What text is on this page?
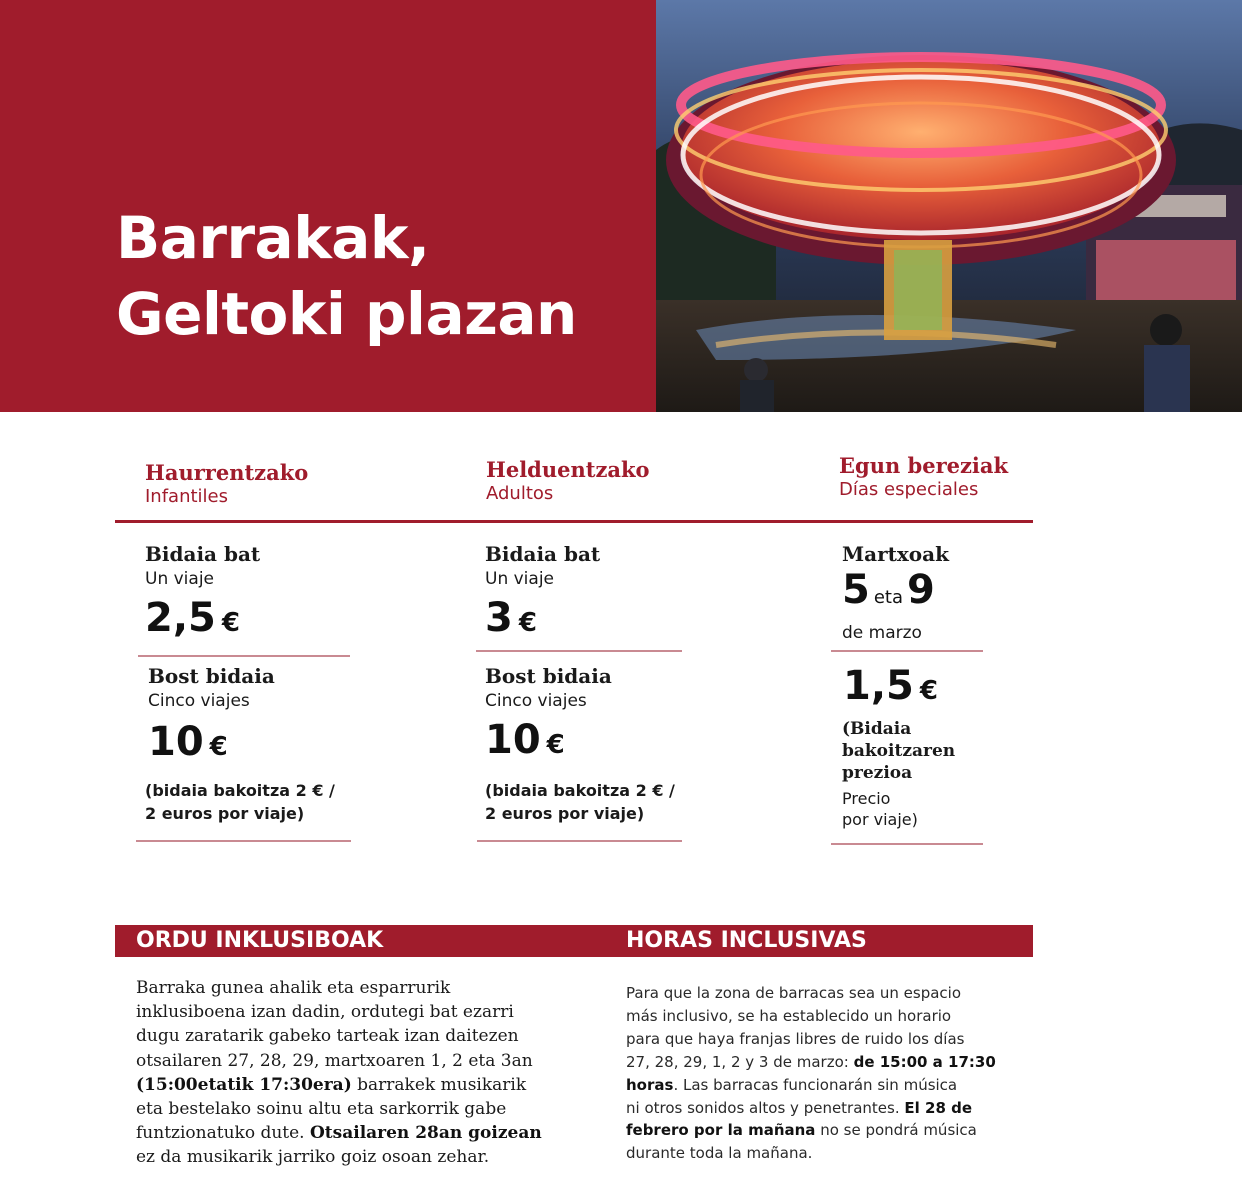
Barrakak,
Geltoki plazan
Haurrentzako
Infantiles
Helduentzako
Adultos
Egun bereziak
Días especiales
Bidaia bat
Un viaje
2,5 €
Bost bidaia
Cinco viajes
10 €
(bidaia bakoitza 2 € /
2 euros por viaje)
Bidaia bat
Un viaje
3 €
Bost bidaia
Cinco viajes
10 €
(bidaia bakoitza 2 € /
2 euros por viaje)
Martxoak
5 eta 9
de marzo
1,5 €
(Bidaia
bakoitzaren
prezioa
Precio
por viaje)
ORDU INKLUSIBOAK	HORAS INCLUSIVAS
Barraka gunea ahalik eta esparrurik
inklusiboena izan dadin, ordutegi bat ezarri
dugu zaratarik gabeko tarteak izan daitezen
otsailaren 27, 28, 29, martxoaren 1, 2 eta 3an
(15:00etatik 17:30era) barrakek musikarik
eta bestelako soinu altu eta sarkorrik gabe
funtzionatuko dute. Otsailaren 28an goizean
ez da musikarik jarriko goiz osoan zehar.
Para que la zona de barracas sea un espacio
más inclusivo, se ha establecido un horario
para que haya franjas libres de ruido los días
27, 28, 29, 1, 2 y 3 de marzo: de 15:00 a 17:30
horas. Las barracas funcionarán sin música
ni otros sonidos altos y penetrantes. El 28 de
febrero por la mañana no se pondrá música
durante toda la mañana.
